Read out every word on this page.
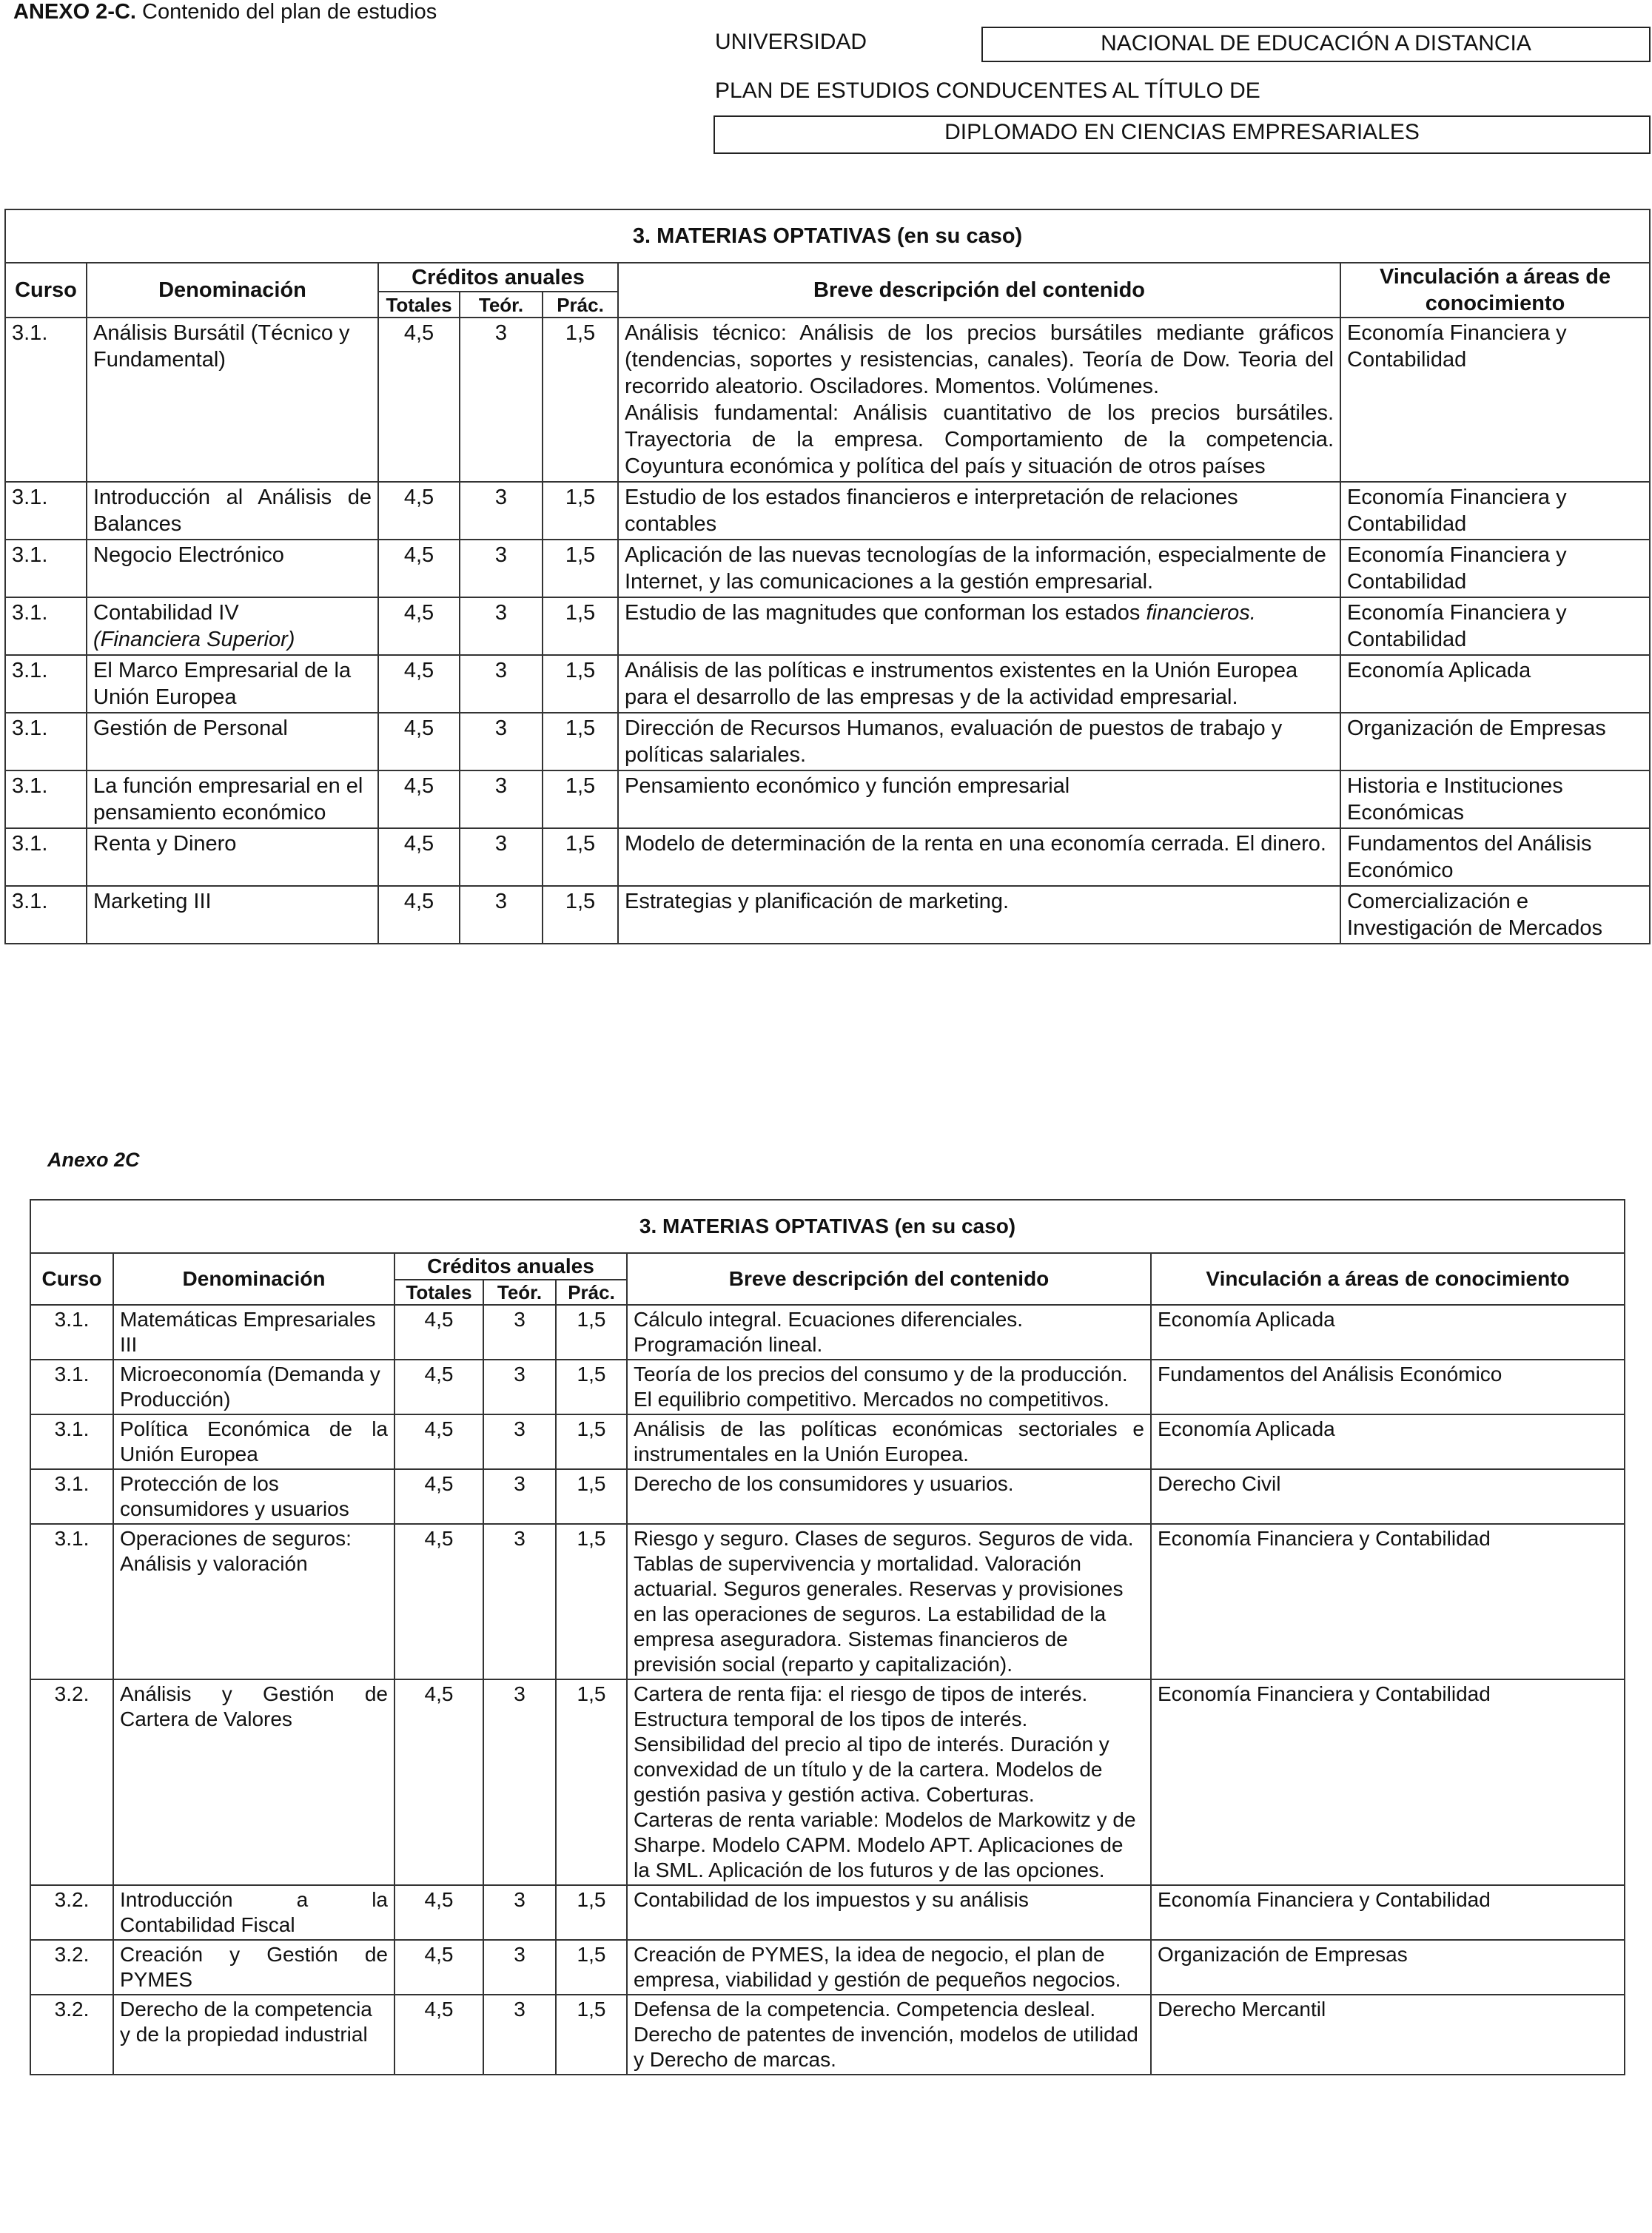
ANEXO 2-C. Contenido del plan de estudios
UNIVERSIDAD	NACIONAL DE EDUCACIÓN A DISTANCIA
PLAN DE ESTUDIOS CONDUCENTES AL TÍTULO DE
DIPLOMADO EN CIENCIAS EMPRESARIALES
3. MATERIAS OPTATIVAS (en su caso)						
Curso	Denominación	Créditos anuales			Breve descripción del contenido	Vinculación a áreas de conocimiento
		Totales	Teór.	Prác.		
3.1.	Análisis Bursátil (Técnico y Fundamental)	4,5	3	1,5	Análisis técnico: Análisis de los precios bursátiles mediante gráficos (tendencias, soportes y resistencias, canales). Teoría de Dow. Teoria del recorrido aleatorio. Osciladores. Momentos. Volúmenes.
Análisis fundamental: Análisis cuantitativo de los precios bursátiles. Trayectoria de la empresa. Comportamiento de la competencia. Coyuntura económica y política del país y situación de otros países	Economía Financiera y Contabilidad
3.1.	Introducción al Análisis de Balances	4,5	3	1,5	Estudio de los estados financieros e interpretación de relaciones contables	Economía Financiera y Contabilidad
3.1.	Negocio Electrónico	4,5	3	1,5	Aplicación de las nuevas tecnologías de la información, especialmente de Internet, y las comunicaciones a la gestión empresarial.	Economía Financiera y Contabilidad
3.1.	Contabilidad IV
(Financiera Superior)	4,5	3	1,5	Estudio de las magnitudes que conforman los estados financieros.	Economía Financiera y Contabilidad
3.1.	El Marco Empresarial de la Unión Europea	4,5	3	1,5	Análisis de las políticas e instrumentos existentes en la Unión Europea para el desarrollo de las empresas y de la actividad empresarial.	Economía Aplicada
3.1.	Gestión de Personal	4,5	3	1,5	Dirección de Recursos Humanos, evaluación de puestos de trabajo y políticas salariales.	Organización de Empresas
3.1.	La función empresarial en el pensamiento económico	4,5	3	1,5	Pensamiento económico y función empresarial	Historia e Instituciones Económicas
3.1.	Renta y Dinero	4,5	3	1,5	Modelo de determinación de la renta en una economía cerrada. El dinero.	Fundamentos del Análisis Económico
3.1.	Marketing III	4,5	3	1,5	Estrategias y planificación de marketing.	Comercialización e Investigación de Mercados
Anexo 2C
3. MATERIAS OPTATIVAS (en su caso)						
Curso	Denominación	Créditos anuales			Breve descripción del contenido	Vinculación a áreas de conocimiento
		Totales	Teór.	Prác.		
3.1.	Matemáticas Empresariales III	4,5	3	1,5	Cálculo integral. Ecuaciones diferenciales. Programación lineal.	Economía Aplicada
3.1.	Microeconomía (Demanda y Producción)	4,5	3	1,5	Teoría de los precios del consumo y de la producción. El equilibrio competitivo. Mercados no competitivos.	Fundamentos del Análisis Económico
3.1.	Política Económica de la Unión Europea	4,5	3	1,5	Análisis de las políticas económicas sectoriales e instrumentales en la Unión Europea.	Economía Aplicada
3.1.	Protección de los consumidores y usuarios	4,5	3	1,5	Derecho de los consumidores y usuarios.	Derecho Civil
3.1.	Operaciones de seguros: Análisis y valoración	4,5	3	1,5	Riesgo y seguro. Clases de seguros. Seguros de vida. Tablas de supervivencia y mortalidad. Valoración actuarial. Seguros generales. Reservas y provisiones en las operaciones de seguros. La estabilidad de la empresa aseguradora. Sistemas financieros de previsión social (reparto y capitalización).	Economía Financiera y Contabilidad
3.2.	Análisis y Gestión de Cartera de Valores	4,5	3	1,5	Cartera de renta fija: el riesgo de tipos de interés. Estructura temporal de los tipos de interés. Sensibilidad del precio al tipo de interés. Duración y convexidad de un título y de la cartera. Modelos de gestión pasiva y gestión activa. Coberturas.
Carteras de renta variable: Modelos de Markowitz y de Sharpe. Modelo CAPM. Modelo APT. Aplicaciones de la SML. Aplicación de los futuros y de las opciones.	Economía Financiera y Contabilidad
3.2.	Introducción a la Contabilidad Fiscal	4,5	3	1,5	Contabilidad de los impuestos y su análisis	Economía Financiera y Contabilidad
3.2.	Creación y Gestión de PYMES	4,5	3	1,5	Creación de PYMES, la idea de negocio, el plan de empresa, viabilidad y gestión de pequeños negocios.	Organización de Empresas
3.2.	Derecho de la competencia y de la propiedad industrial	4,5	3	1,5	Defensa de la competencia. Competencia desleal. Derecho de patentes de invención, modelos de utilidad y Derecho de marcas.	Derecho Mercantil
